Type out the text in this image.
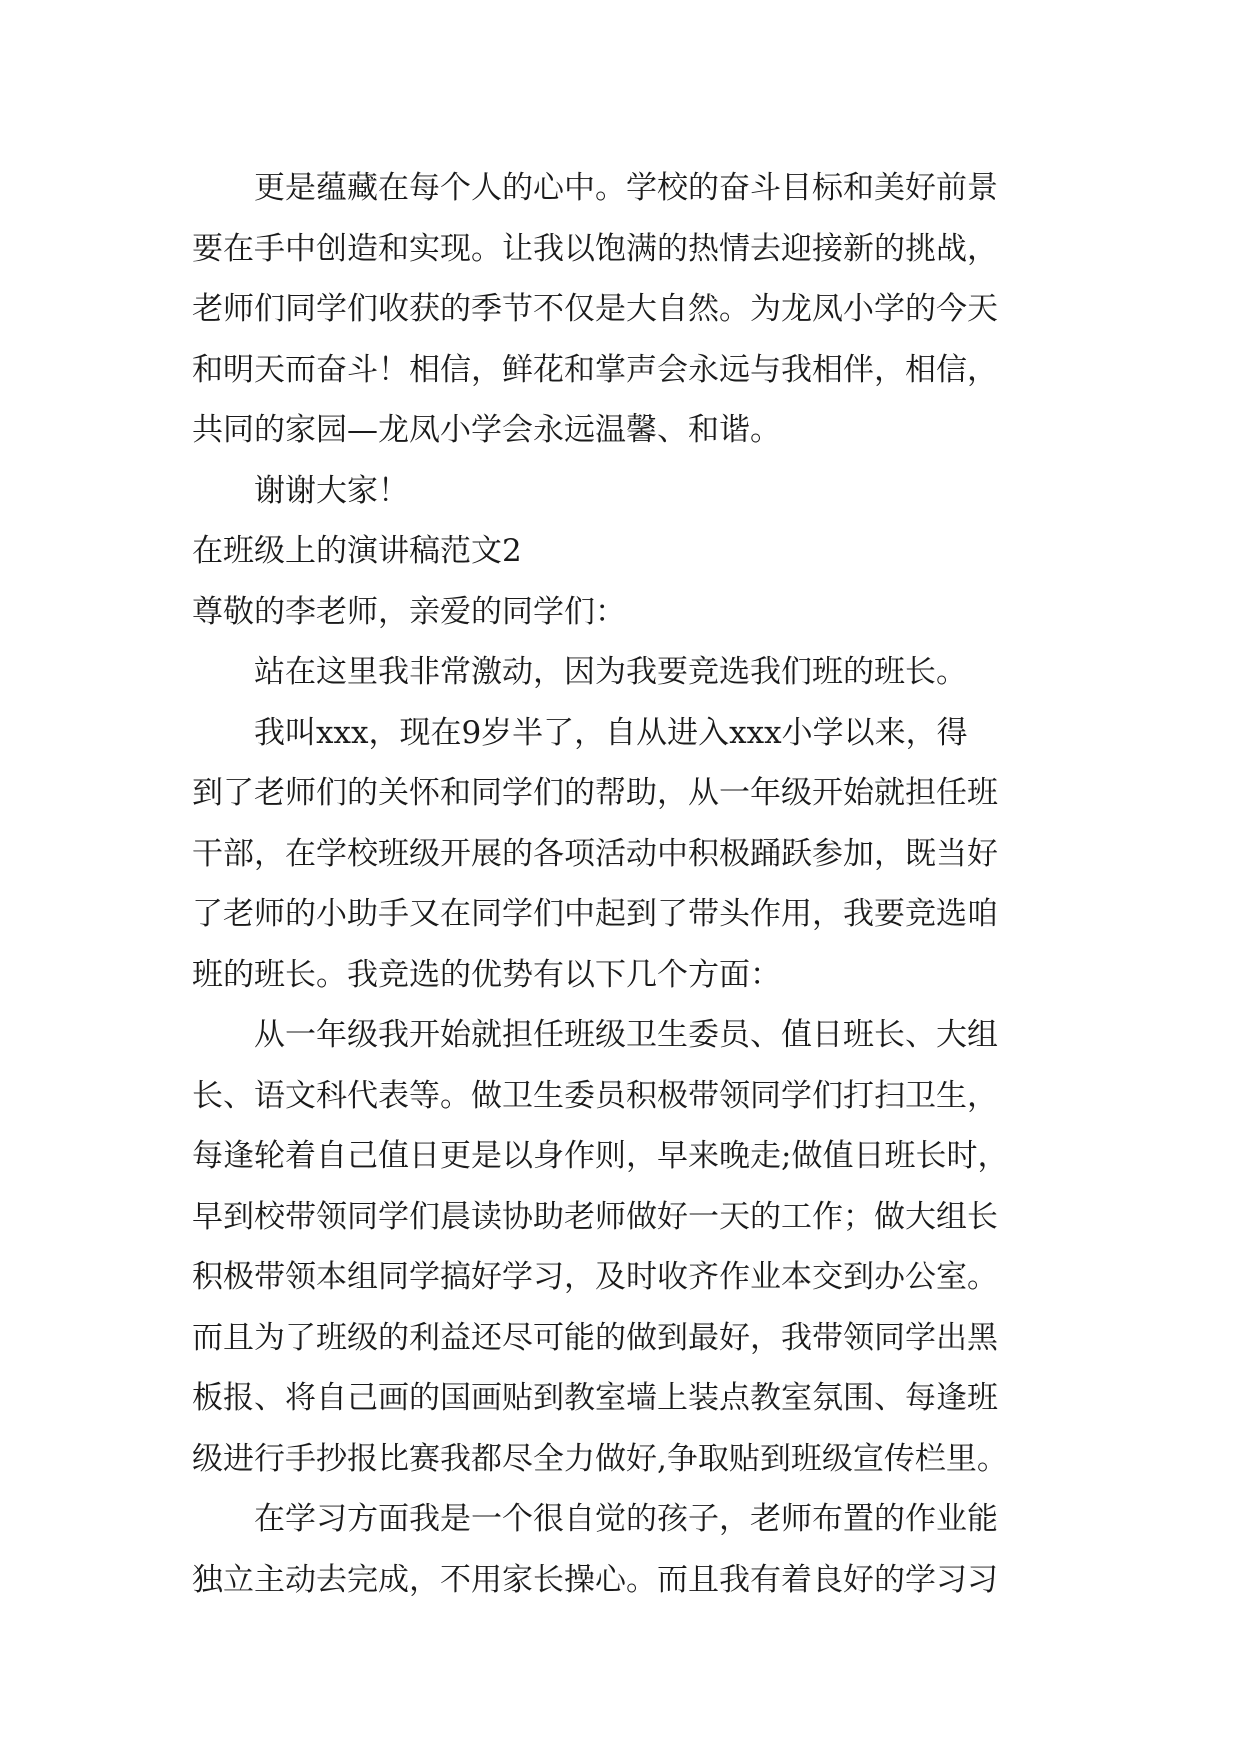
更是蕴藏在每个人的心中。学校的奋斗目标和美好前景
要在手中创造和实现。让我以饱满的热情去迎接新的挑战，
老师们同学们收获的季节不仅是大自然。为龙凤小学的今天
和明天而奋斗！相信，鲜花和掌声会永远与我相伴，相信，
共同的家园—龙凤小学会永远温馨、和谐。
谢谢大家！
在班级上的演讲稿范文2
尊敬的李老师，亲爱的同学们：
站在这里我非常激动，因为我要竞选我们班的班长。
我叫xxx，现在9岁半了，自从进入xxx小学以来，得
到了老师们的关怀和同学们的帮助，从一年级开始就担任班
干部，在学校班级开展的各项活动中积极踊跃参加，既当好
了老师的小助手又在同学们中起到了带头作用，我要竞选咱
班的班长。我竞选的优势有以下几个方面：
从一年级我开始就担任班级卫生委员、值日班长、大组
长、语文科代表等。做卫生委员积极带领同学们打扫卫生，
每逢轮着自己值日更是以身作则，早来晚走;做值日班长时，
早到校带领同学们晨读协助老师做好一天的工作；做大组长
积极带领本组同学搞好学习，及时收齐作业本交到办公室。
而且为了班级的利益还尽可能的做到最好，我带领同学出黑
板报、将自己画的国画贴到教室墙上装点教室氛围、每逢班
级进行手抄报比赛我都尽全力做好,争取贴到班级宣传栏里。
在学习方面我是一个很自觉的孩子，老师布置的作业能
独立主动去完成，不用家长操心。而且我有着良好的学习习
